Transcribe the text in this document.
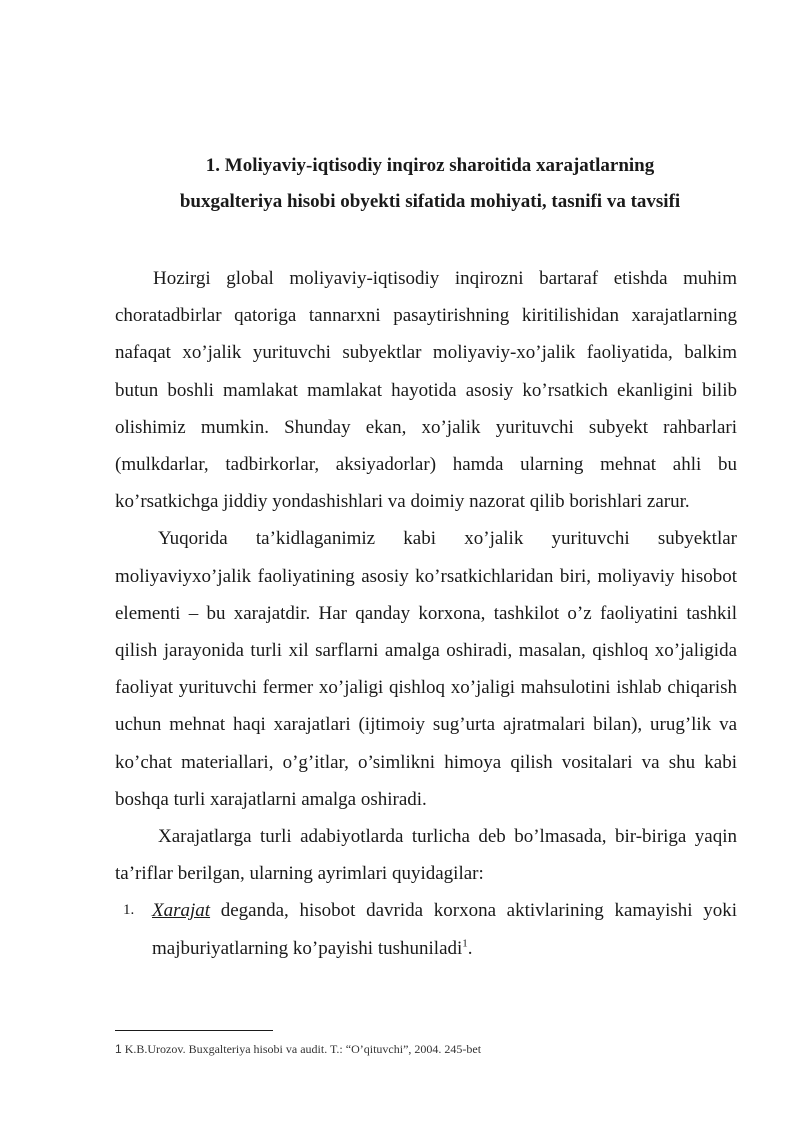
1. Moliyaviy-iqtisodiy inqiroz sharoitida xarajatlarning
buxgalteriya hisobi obyekti sifatida mohiyati, tasnifi va tavsifi

Hozirgi global moliyaviy-iqtisodiy inqirozni bartaraf etishda muhim choratadbirlar qatoriga tannarxni pasaytirishning kiritilishidan xarajatlarning nafaqat xo’jalik yurituvchi subyektlar moliyaviy-xo’jalik faoliyatida, balkim butun boshli mamlakat mamlakat hayotida asosiy ko’rsatkich ekanligini bilib olishimiz mumkin. Shunday ekan, xo’jalik yurituvchi subyekt rahbarlari (mulkdarlar, tadbirkorlar, aksiyadorlar) hamda ularning mehnat ahli bu ko’rsatkichga jiddiy yondashishlari va doimiy nazorat qilib borishlari zarur.

Yuqorida ta’kidlaganimiz kabi xo’jalik yurituvchi subyektlar moliyaviyxo’jalik faoliyatining asosiy ko’rsatkichlaridan biri, moliyaviy hisobot elementi – bu xarajatdir. Har qanday korxona, tashkilot o’z faoliyatini tashkil qilish jarayonida turli xil sarflarni amalga oshiradi, masalan, qishloq xo’jaligida faoliyat yurituvchi fermer xo’jaligi qishloq xo’jaligi mahsulotini ishlab chiqarish uchun mehnat haqi xarajatlari (ijtimoiy sug’urta ajratmalari bilan), urug’lik va ko’chat materiallari, o’g’itlar, o’simlikni himoya qilish vositalari va shu kabi boshqa turli xarajatlarni amalga oshiradi.

Xarajatlarga turli adabiyotlarda turlicha deb bo’lmasada, bir-biriga yaqin ta’riflar berilgan, ularning ayrimlari quyidagilar:

1. Xarajat deganda, hisobot davrida korxona aktivlarining kamayishi yoki majburiyatlarning ko’payishi tushuniladi$^1$.

1 K.B.Urozov. Buxgalteriya hisobi va audit. T.: “O’qituvchi”, 2004. 245-bet
